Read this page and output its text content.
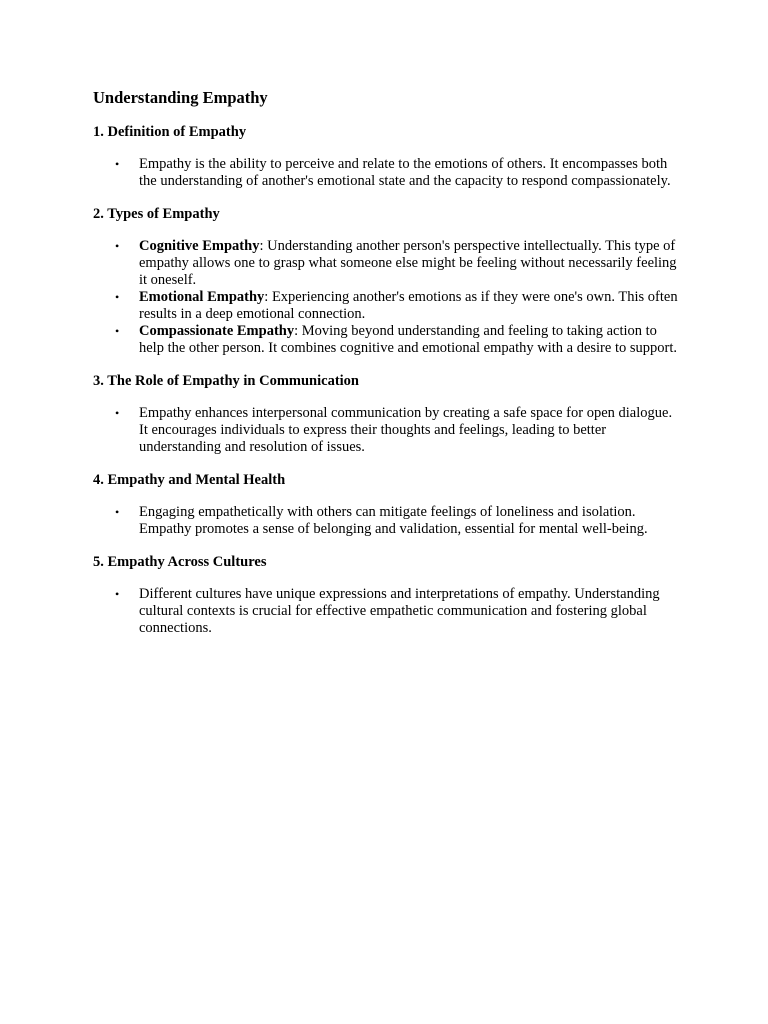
Understanding Empathy
1. Definition of Empathy
• Empathy is the ability to perceive and relate to the emotions of others. It encompasses both the understanding of another's emotional state and the capacity to respond compassionately.
2. Types of Empathy
• Cognitive Empathy: Understanding another person's perspective intellectually. This type of empathy allows one to grasp what someone else might be feeling without necessarily feeling it oneself.
• Emotional Empathy: Experiencing another's emotions as if they were one's own. This often results in a deep emotional connection.
• Compassionate Empathy: Moving beyond understanding and feeling to taking action to help the other person. It combines cognitive and emotional empathy with a desire to support.
3. The Role of Empathy in Communication
• Empathy enhances interpersonal communication by creating a safe space for open dialogue. It encourages individuals to express their thoughts and feelings, leading to better understanding and resolution of issues.
4. Empathy and Mental Health
• Engaging empathetically with others can mitigate feelings of loneliness and isolation. Empathy promotes a sense of belonging and validation, essential for mental well-being.
5. Empathy Across Cultures
• Different cultures have unique expressions and interpretations of empathy. Understanding cultural contexts is crucial for effective empathetic communication and fostering global connections.
